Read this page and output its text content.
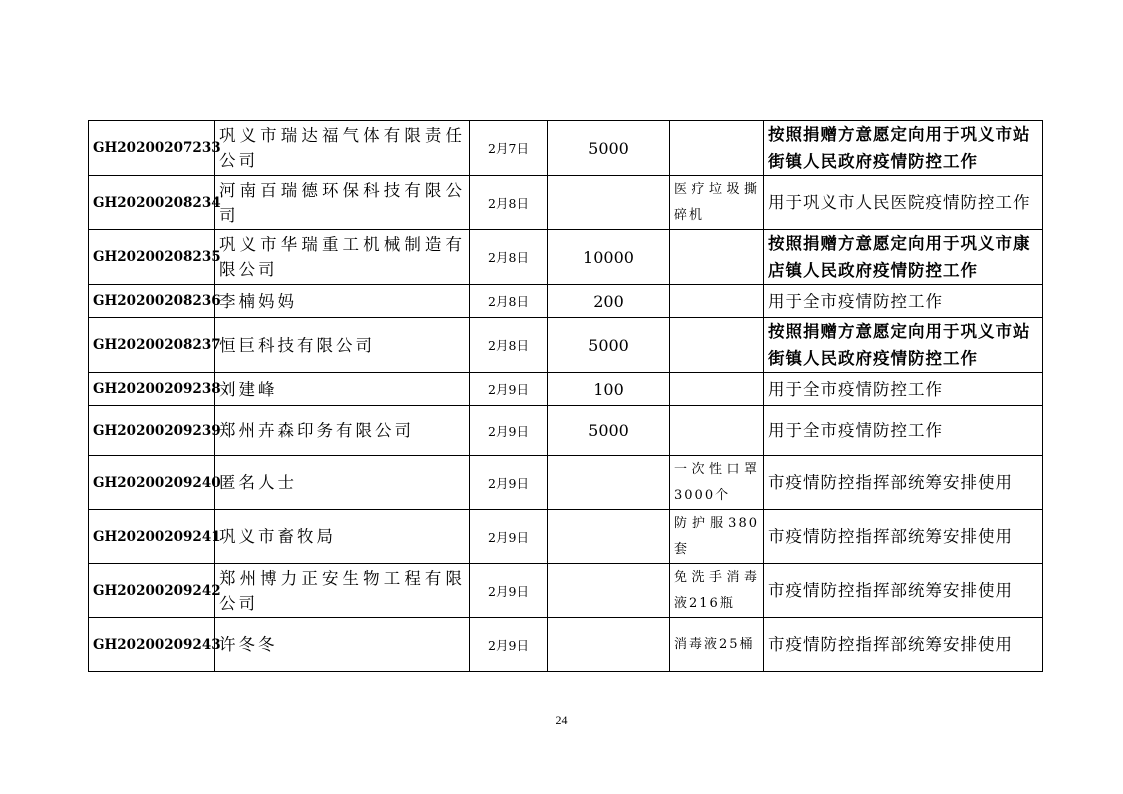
GH20200207233	巩义市瑞达福气体有限责任公司	2月7日	5000		按照捐赠方意愿定向用于巩义市站街镇人民政府疫情防控工作
GH20200208234	河南百瑞德环保科技有限公司	2月8日		医疗垃圾撕碎机	用于巩义市人民医院疫情防控工作
GH20200208235	巩义市华瑞重工机械制造有限公司	2月8日	10000		按照捐赠方意愿定向用于巩义市康店镇人民政府疫情防控工作
GH20200208236	李楠妈妈	2月8日	200		用于全市疫情防控工作
GH20200208237	恒巨科技有限公司	2月8日	5000		按照捐赠方意愿定向用于巩义市站街镇人民政府疫情防控工作
GH20200209238	刘建峰	2月9日	100		用于全市疫情防控工作
GH20200209239	郑州卉森印务有限公司	2月9日	5000		用于全市疫情防控工作
GH20200209240	匿名人士	2月9日		一次性口罩3000个	市疫情防控指挥部统筹安排使用
GH20200209241	巩义市畜牧局	2月9日		防护服380套	市疫情防控指挥部统筹安排使用
GH20200209242	郑州博力正安生物工程有限公司	2月9日		免洗手消毒液216瓶	市疫情防控指挥部统筹安排使用
GH20200209243	许冬冬	2月9日		消毒液25桶	市疫情防控指挥部统筹安排使用
24
